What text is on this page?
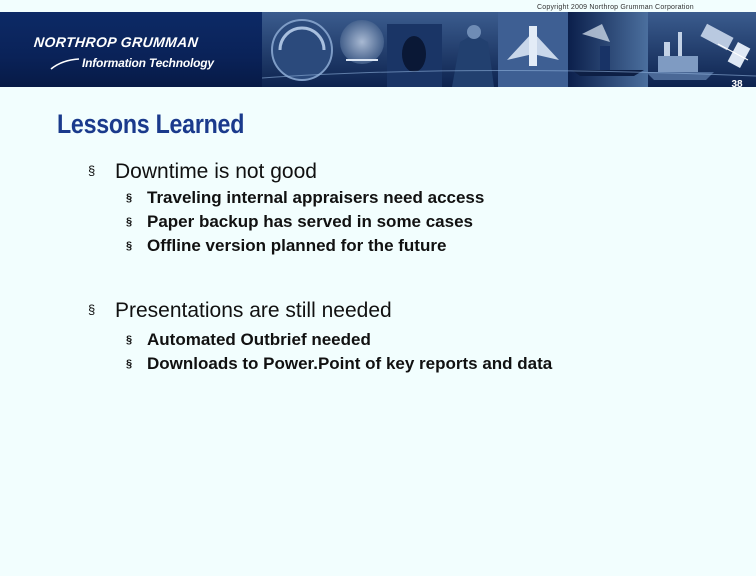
Copyright 2009 Northrop Grumman Corporation
NORTHROP GRUMMAN
Information Technology
38
Lessons Learned
§ Downtime is not good
§ Traveling internal appraisers need access
§ Paper backup has served in some cases
§ Offline version planned for the future
§ Presentations are still needed
§ Automated Outbrief needed
§ Downloads to Power.Point of key reports and data
